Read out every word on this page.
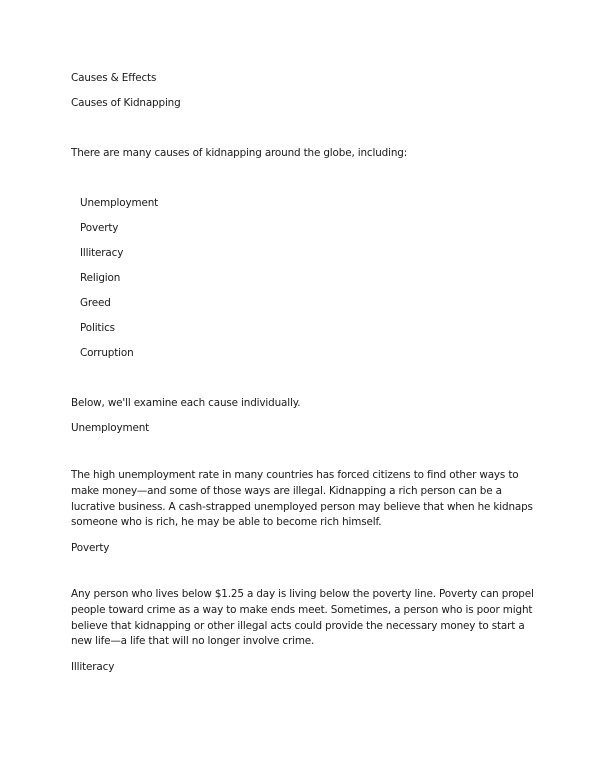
Causes & Effects

Causes of Kidnapping

There are many causes of kidnapping around the globe, including:

Unemployment

Poverty

Illiteracy

Religion

Greed

Politics

Corruption

Below, we'll examine each cause individually.

Unemployment

The high unemployment rate in many countries has forced citizens to find other ways to make money—and some of those ways are illegal. Kidnapping a rich person can be a lucrative business. A cash-strapped unemployed person may believe that when he kidnaps someone who is rich, he may be able to become rich himself.

Poverty

Any person who lives below $1.25 a day is living below the poverty line. Poverty can propel people toward crime as a way to make ends meet. Sometimes, a person who is poor might believe that kidnapping or other illegal acts could provide the necessary money to start a new life—a life that will no longer involve crime.

Illiteracy
